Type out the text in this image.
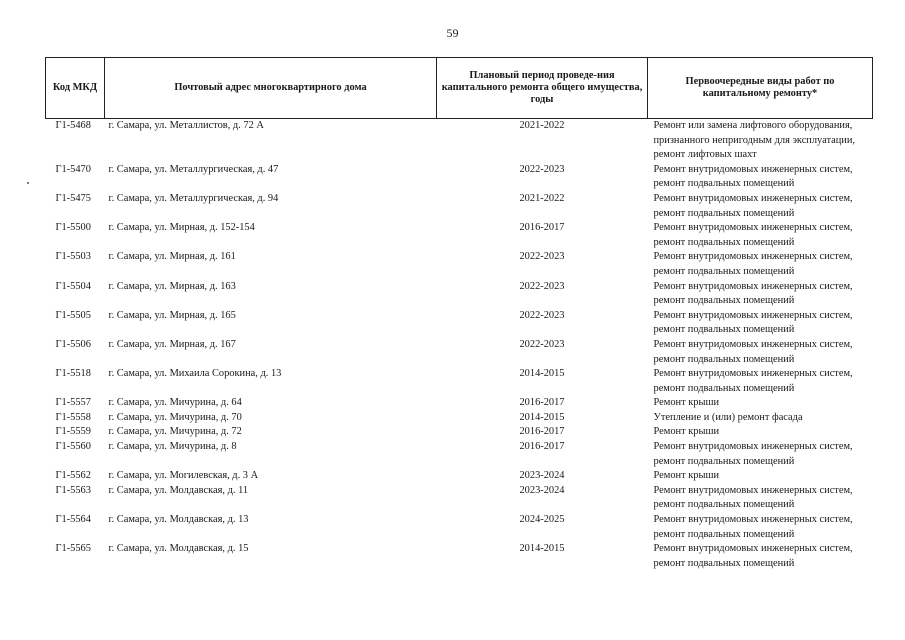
59
Код МКД	Почтовый адрес многоквартирного дома	Плановый период проведе-ния капитального ремонта общего имущества, годы	Первоочередные виды работ по капитальному ремонту*
Г1-5468	г. Самара, ул. Металлистов, д. 72 А	2021-2022	Ремонт или замена лифтового оборудования, признанного непригодным для эксплуатации, ремонт лифтовых шахт
Г1-5470	г. Самара, ул. Металлургическая, д. 47	2022-2023	Ремонт внутридомовых инженерных систем, ремонт подвальных помещений
Г1-5475	г. Самара, ул. Металлургическая, д. 94	2021-2022	Ремонт внутридомовых инженерных систем, ремонт подвальных помещений
Г1-5500	г. Самара, ул. Мирная, д. 152-154	2016-2017	Ремонт внутридомовых инженерных систем, ремонт подвальных помещений
Г1-5503	г. Самара, ул. Мирная, д. 161	2022-2023	Ремонт внутридомовых инженерных систем, ремонт подвальных помещений
Г1-5504	г. Самара, ул. Мирная, д. 163	2022-2023	Ремонт внутридомовых инженерных систем, ремонт подвальных помещений
Г1-5505	г. Самара, ул. Мирная, д. 165	2022-2023	Ремонт внутридомовых инженерных систем, ремонт подвальных помещений
Г1-5506	г. Самара, ул. Мирная, д. 167	2022-2023	Ремонт внутридомовых инженерных систем, ремонт подвальных помещений
Г1-5518	г. Самара, ул. Михаила Сорокина, д. 13	2014-2015	Ремонт внутридомовых инженерных систем, ремонт подвальных помещений
Г1-5557	г. Самара, ул. Мичурина, д. 64	2016-2017	Ремонт крыши
Г1-5558	г. Самара, ул. Мичурина, д. 70	2014-2015	Утепление и (или) ремонт фасада
Г1-5559	г. Самара, ул. Мичурина, д. 72	2016-2017	Ремонт крыши
Г1-5560	г. Самара, ул. Мичурина, д. 8	2016-2017	Ремонт внутридомовых инженерных систем, ремонт подвальных помещений
Г1-5562	г. Самара, ул. Могилевская, д. 3 А	2023-2024	Ремонт крыши
Г1-5563	г. Самара, ул. Молдавская, д. 11	2023-2024	Ремонт внутридомовых инженерных систем, ремонт подвальных помещений
Г1-5564	г. Самара, ул. Молдавская, д. 13	2024-2025	Ремонт внутридомовых инженерных систем, ремонт подвальных помещений
Г1-5565	г. Самара, ул. Молдавская, д. 15	2014-2015	Ремонт внутридомовых инженерных систем, ремонт подвальных помещений
